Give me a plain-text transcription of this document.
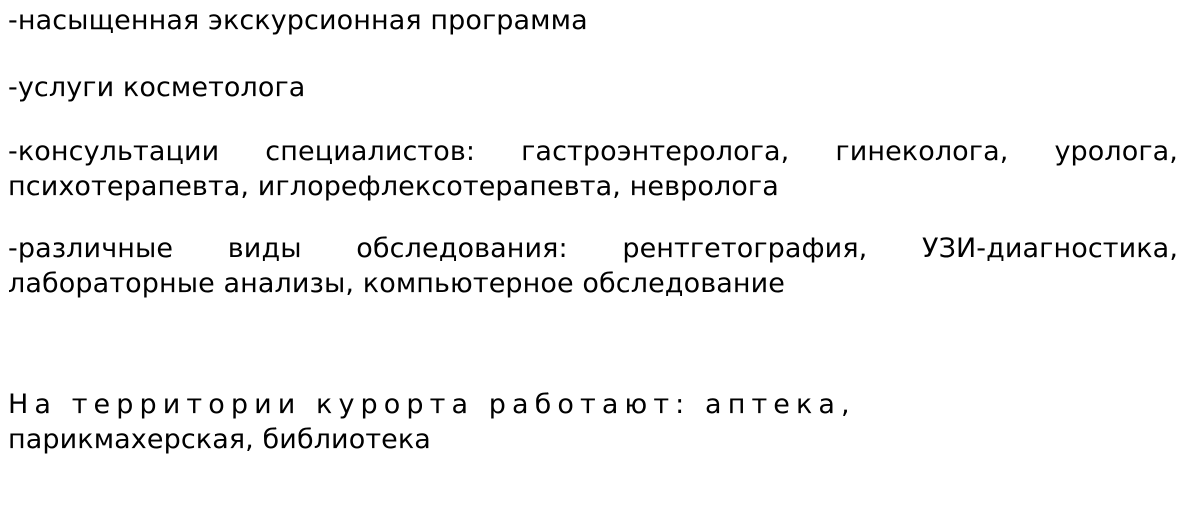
-насыщенная экскурсионная программа

-услуги косметолога

-консультации специалистов: гастроэнтеролога, гинеколога, уролога, психотерапевта, иглорефлексотерапевта, невролога

-различные виды обследования: рентгетография, УЗИ-диагностика, лабораторные анализы, компьютерное обследование

На территории курорта работают: аптека,
парикмахерская, библиотека
